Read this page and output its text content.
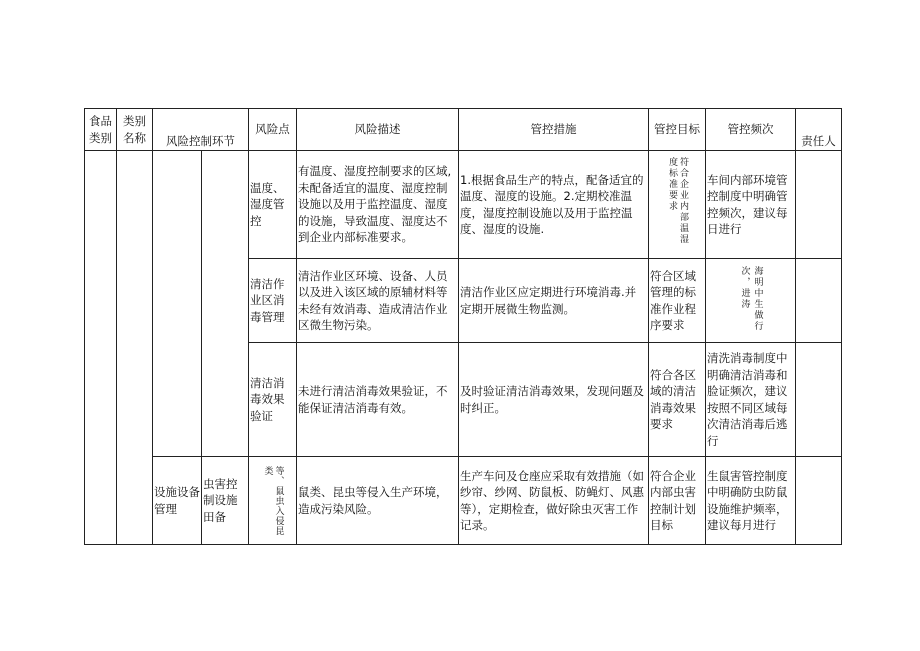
食品类别	类别名称	风险控制环节		风险点	风险描述	管控措施	管控目标	管控频次	责任人
				温度、湿度管控	有温度、湿度控制要求的区域,未配备适宜的温度、湿度控制设施以及用于监控温度、湿度的设施，导致温度、湿度达不到企业内部标准要求。	1.根据食品生产的特点，配备适宜的温度、湿度的设施。2.定期校准温度，湿度控制设施以及用于监控温度、湿度的设施.	符合企业内部温湿度标准要求	车间内部环境管控制度中明确管控频次，建议每日进行	
				清洁作业区消毒管理	清洁作业区环境、设备、人员以及进入该区域的原辅材料等未经有效消毒、造成清洁作业区微生物污染。	清洁作业区应定期进行环境消毒.并定期开展微生物监测。	符合区域管理的标准作业程序要求	海明中生做行次，进涛	

				清洁消毒效果验证	未进行清洁消毒效果验证，不能保证清洁消毒有效。	及时验证清洁消毒效果，发现问题及时纠正。	符合各区域的清洁消毒效果要求	清洗消毒制度中明确清洁消毒和脸证频次，建议按照不同区域每次清洁消毒后逃行	
		设施设备管理	虫害控制设施田备	等、鼠虫入侵昆类	鼠类、昆虫等侵入生产环境，造成污染风险。	生产车问及仓座应采取有效措施（如纱帘、纱网、防鼠板、防蝇灯、风惠等），定期检查，做好除虫灭害工作记录。	符合企业内部虫害控制计划目标	生鼠害管控制度中明确防虫防鼠设施维护频率，建议每月进行	
